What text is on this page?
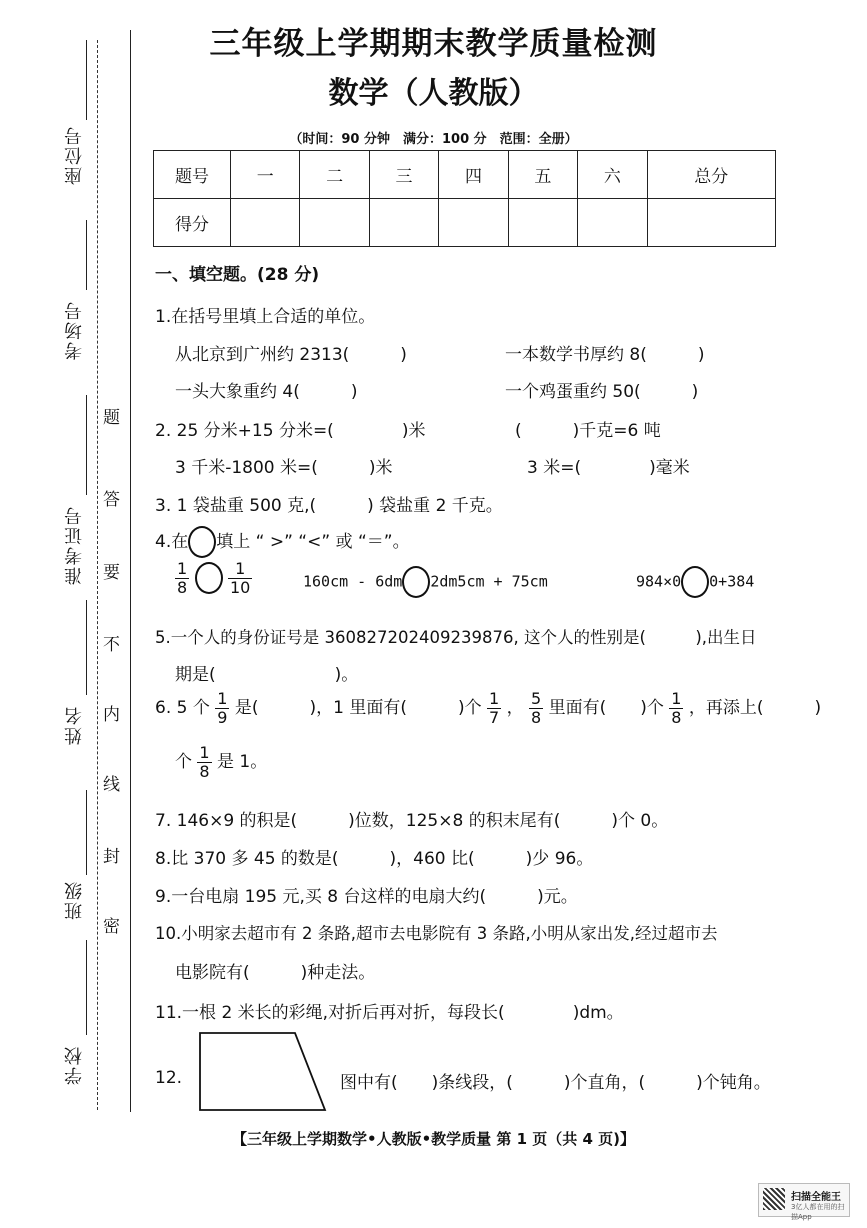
座位号
考场号
准考证号
姓名
班级
学校
题
答
要
不
内
线
封
密
三年级上学期期末教学质量检测
数学（人教版）
（时间：90 分钟　满分：100 分　范围：全册）
题号	一	二	三	四	五	六	总分
得分							
一、填空题。(28 分)
1.在括号里填上合适的单位。
从北京到广州约 2313(　　　)	一本数学书厚约 8(　　　)
一头大象重约 4(　　　)	一个鸡蛋重约 50(　　　)
2. 25 分米+15 分米=(　　　　)米	(　　　)千克=6 吨
3 千米-1800 米=(　　　)米	3 米=(　　　　)毫米
3. 1 袋盐重 500 克,(　　　) 袋盐重 2 千克。
4.在 填上 “ >” “<” 或 “＝”。
$\frac{1}{8}$
$\frac{1}{10}$	160cm - 6dm 2dm5cm + 75cm	984×0 0+384
5.一个人的身份证号是 360827202409239876, 这个人的性别是(　　　),出生日
期是(　　　　　　　)。
6. 5 个 $\frac{1}{9}$ 是(　　　)，1 里面有(　　　)个 $\frac{1}{7}$ ， $\frac{5}{8}$ 里面有(　　)个 $\frac{1}{8}$ ，再添上(　　　)
个 $\frac{1}{8}$ 是 1。
7. 146×9 的积是(　　　)位数，125×8 的积末尾有(　　　)个 0。
8.比 370 多 45 的数是(　　　)，460 比(　　　)少 96。
9.一台电扇 195 元,买 8 台这样的电扇大约(　　　)元。
10.小明家去超市有 2 条路,超市去电影院有 3 条路,小明从家出发,经过超市去
电影院有(　　　)种走法。
11.一根 2 米长的彩绳,对折后再对折，每段长(　　　　)dm。
12.	图中有(　　)条线段，(　　　)个直角，(　　　)个钝角。
【三年级上学期数学•人教版•教学质量 第 1 页（共 4 页)】
扫描全能王
3亿人都在用的扫描App
